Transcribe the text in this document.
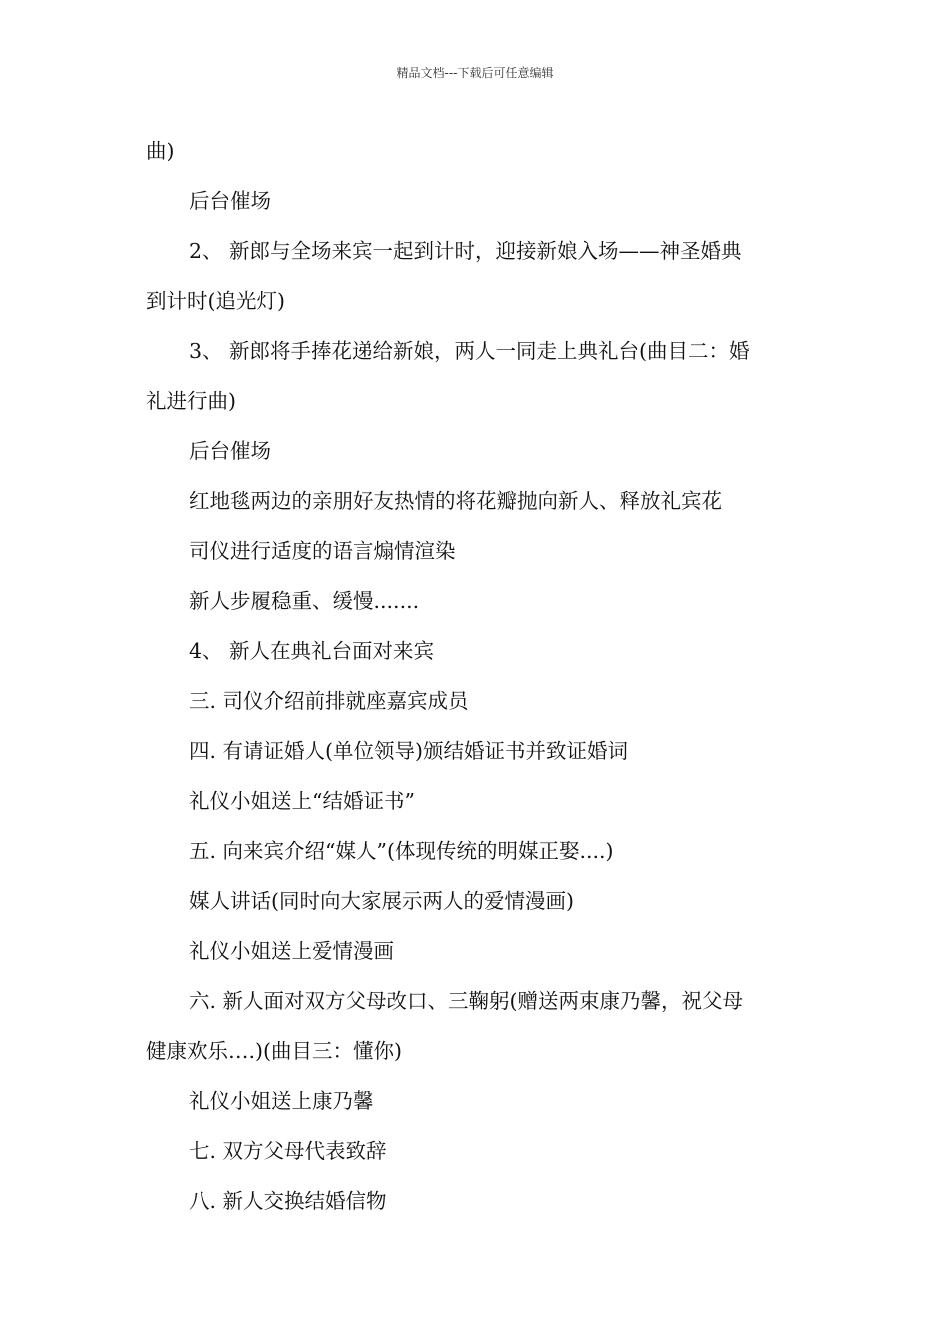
精品文档---下载后可任意编辑
曲)
后台催场
2、 新郎与全场来宾一起到计时，迎接新娘入场——神圣婚典
到计时(追光灯)
3、 新郎将手捧花递给新娘，两人一同走上典礼台(曲目二：婚
礼进行曲)
后台催场
红地毯两边的亲朋好友热情的将花瓣抛向新人、释放礼宾花
司仪进行适度的语言煽情渲染
新人步履稳重、缓慢.......
4、 新人在典礼台面对来宾
三. 司仪介绍前排就座嘉宾成员
四. 有请证婚人(单位领导)颁结婚证书并致证婚词
礼仪小姐送上“结婚证书”
五. 向来宾介绍“媒人”(体现传统的明媒正娶....)
媒人讲话(同时向大家展示两人的爱情漫画)
礼仪小姐送上爱情漫画
六. 新人面对双方父母改口、三鞠躬(赠送两束康乃馨，祝父母
健康欢乐….)(曲目三：懂你)
礼仪小姐送上康乃馨
七. 双方父母代表致辞
八. 新人交换结婚信物
